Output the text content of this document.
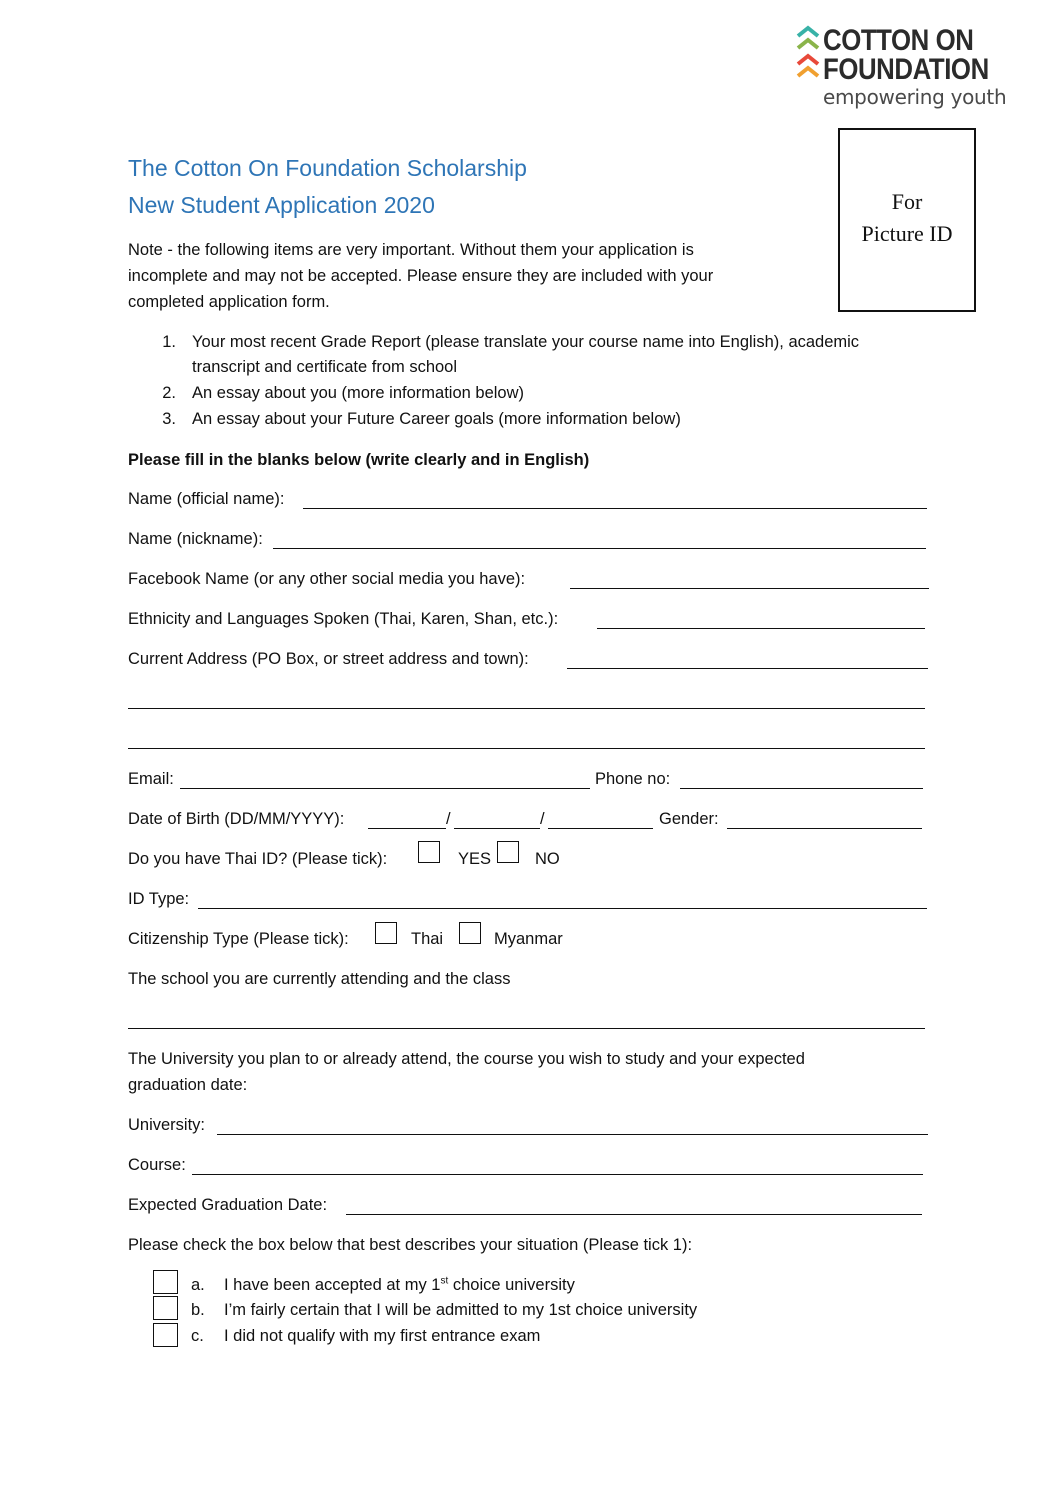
COTTON ON
FOUNDATION
empowering youth
The Cotton On Foundation Scholarship
New Student Application 2020	For
Picture ID
Note - the following items are very important. Without them your application is
incomplete and may not be accepted. Please ensure they are included with your
completed application form.
1. Your most recent Grade Report (please translate your course name into English), academic
transcript and certificate from school
2. An essay about you (more information below)
3. An essay about your Future Career goals (more information below)
Please fill in the blanks below (write clearly and in English)
Name (official name):
Name (nickname):
Facebook Name (or any other social media you have):
Ethnicity and Languages Spoken (Thai, Karen, Shan, etc.):
Current Address (PO Box, or street address and town):
Email:	Phone no:
Date of Birth (DD/MM/YYYY):	/	/	Gender:
Do you have Thai ID? (Please tick):	YES	NO
ID Type:
Citizenship Type (Please tick):	Thai	Myanmar
The school you are currently attending and the class
The University you plan to or already attend, the course you wish to study and your expected
graduation date:
University:
Course:
Expected Graduation Date:
Please check the box below that best describes your situation (Please tick 1):
a. I have been accepted at my 1st choice university
b. I’m fairly certain that I will be admitted to my 1st choice university
c. I did not qualify with my first entrance exam
